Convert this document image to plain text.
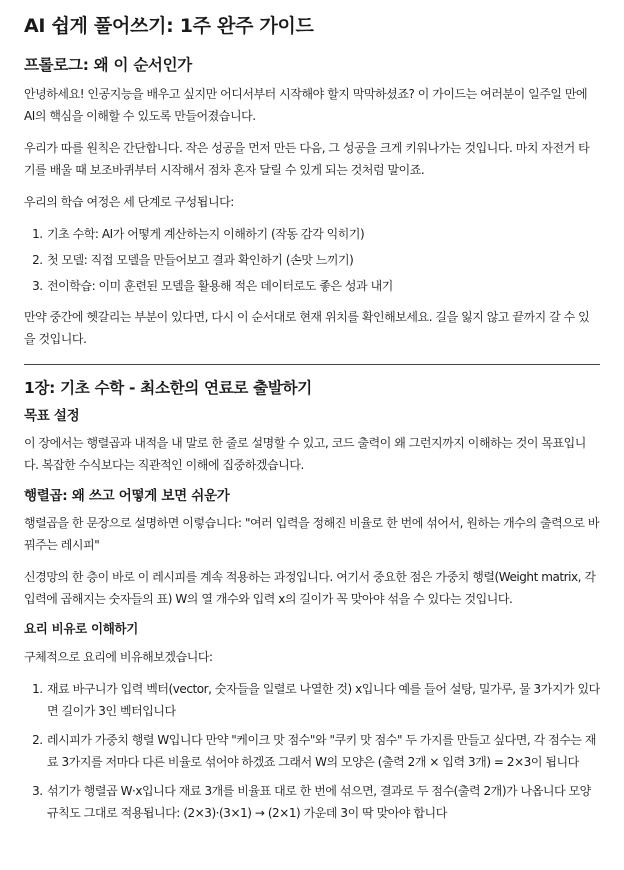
AI 쉽게 풀어쓰기: 1주 완주 가이드
프롤로그: 왜 이 순서인가

안녕하세요! 인공지능을 배우고 싶지만 어디서부터 시작해야 할지 막막하셨죠? 이 가이드는 여러분이 일주일 만에 AI의 핵심을 이해할 수 있도록 만들어졌습니다.

우리가 따를 원칙은 간단합니다. 작은 성공을 먼저 만든 다음, 그 성공을 크게 키워나가는 것입니다. 마치 자전거 타기를 배울 때 보조바퀴부터 시작해서 점차 혼자 달릴 수 있게 되는 것처럼 말이죠.

우리의 학습 여정은 세 단계로 구성됩니다:

1. 기초 수학: AI가 어떻게 계산하는지 이해하기 (작동 감각 익히기)
2. 첫 모델: 직접 모델을 만들어보고 결과 확인하기 (손맛 느끼기)
3. 전이학습: 이미 훈련된 모델을 활용해 적은 데이터로도 좋은 성과 내기

만약 중간에 헷갈리는 부분이 있다면, 다시 이 순서대로 현재 위치를 확인해보세요. 길을 잃지 않고 끝까지 갈 수 있을 것입니다.

1장: 기초 수학 - 최소한의 연료로 출발하기
목표 설정

이 장에서는 행렬곱과 내적을 내 말로 한 줄로 설명할 수 있고, 코드 출력이 왜 그런지까지 이해하는 것이 목표입니다. 복잡한 수식보다는 직관적인 이해에 집중하겠습니다.

행렬곱: 왜 쓰고 어떻게 보면 쉬운가

행렬곱을 한 문장으로 설명하면 이렇습니다: "여러 입력을 정해진 비율로 한 번에 섞어서, 원하는 개수의 출력으로 바꿔주는 레시피"

신경망의 한 층이 바로 이 레시피를 계속 적용하는 과정입니다. 여기서 중요한 점은 가중치 행렬(Weight matrix, 각 입력에 곱해지는 숫자들의 표) W의 열 개수와 입력 x의 길이가 꼭 맞아야 섞을 수 있다는 것입니다.

요리 비유로 이해하기

구체적으로 요리에 비유해보겠습니다:

1. 재료 바구니가 입력 벡터(vector, 숫자들을 일렬로 나열한 것) x입니다 예를 들어 설탕, 밀가루, 물 3가지가 있다면 길이가 3인 벡터입니다
2. 레시피가 가중치 행렬 W입니다 만약 "케이크 맛 점수"와 "쿠키 맛 점수" 두 가지를 만들고 싶다면, 각 점수는 재료 3가지를 저마다 다른 비율로 섞어야 하겠죠 그래서 W의 모양은 (출력 2개 × 입력 3개) = 2×3이 됩니다
3. 섞기가 행렬곱 W·x입니다 재료 3개를 비율표 대로 한 번에 섞으면, 결과로 두 점수(출력 2개)가 나옵니다 모양 규칙도 그대로 적용됩니다: (2×3)·(3×1) → (2×1) 가운데 3이 딱 맞아야 합니다
